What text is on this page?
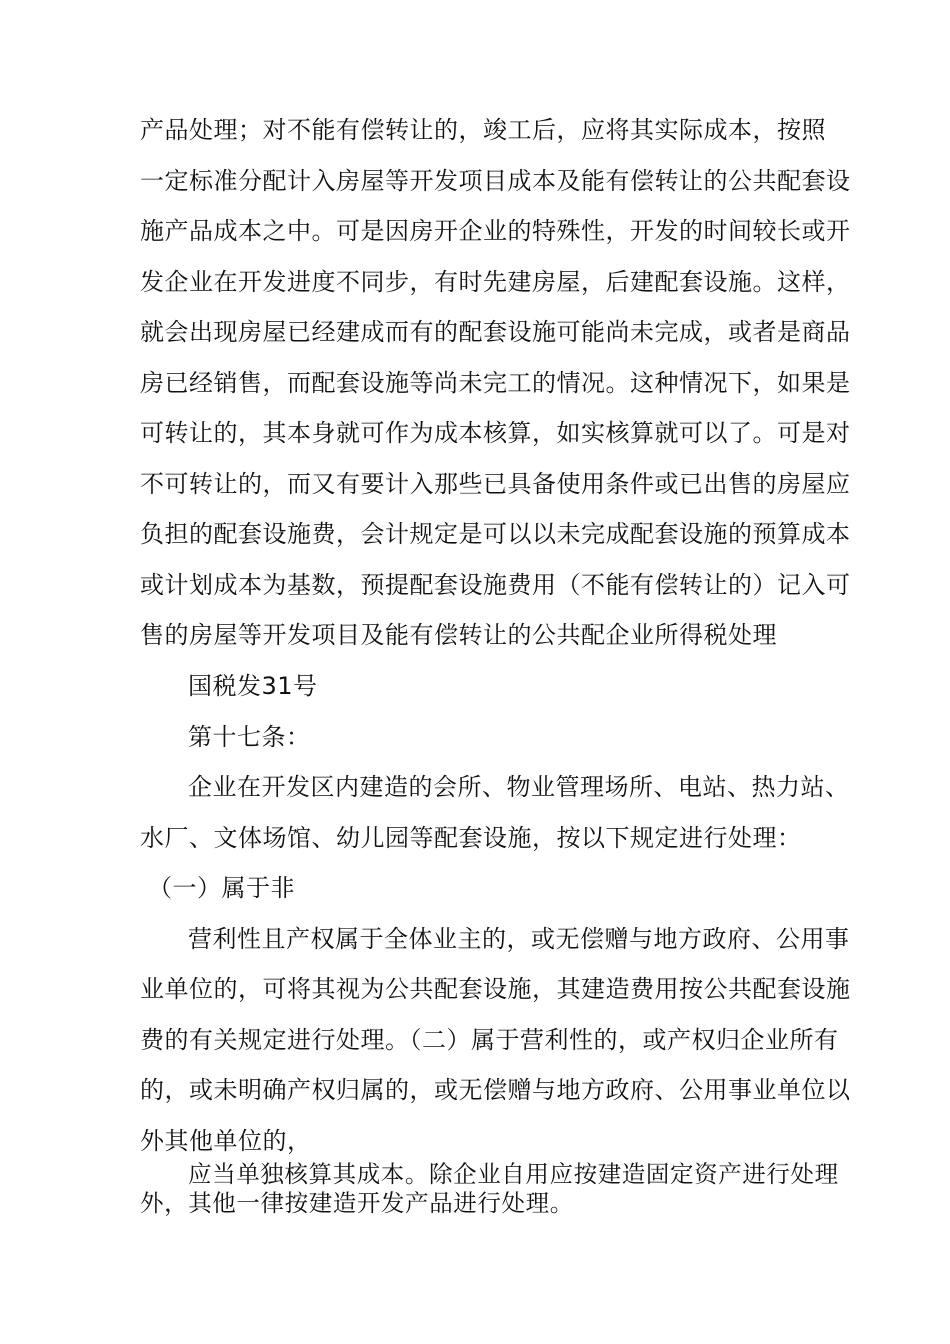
产品处理；对不能有偿转让的，竣工后，应将其实际成本，按照
一定标准分配计入房屋等开发项目成本及能有偿转让的公共配套设
施产品成本之中。可是因房开企业的特殊性，开发的时间较长或开
发企业在开发进度不同步，有时先建房屋，后建配套设施。这样，
就会出现房屋已经建成而有的配套设施可能尚未完成，或者是商品
房已经销售，而配套设施等尚未完工的情况。这种情况下，如果是
可转让的，其本身就可作为成本核算，如实核算就可以了。可是对
不可转让的，而又有要计入那些已具备使用条件或已出售的房屋应
负担的配套设施费，会计规定是可以以未完成配套设施的预算成本
或计划成本为基数，预提配套设施费用（不能有偿转让的）记入可
售的房屋等开发项目及能有偿转让的公共配企业所得税处理
国税发31号
第十七条：
企业在开发区内建造的会所、物业管理场所、电站、热力站、
水厂、文体场馆、幼儿园等配套设施，按以下规定进行处理：
（一）属于非
营利性且产权属于全体业主的，或无偿赠与地方政府、公用事
业单位的，可将其视为公共配套设施，其建造费用按公共配套设施
费的有关规定进行处理。（二）属于营利性的，或产权归企业所有
的，或未明确产权归属的，或无偿赠与地方政府、公用事业单位以
外其他单位的，
应当单独核算其成本。除企业自用应按建造固定资产进行处理
外，其他一律按建造开发产品进行处理。
